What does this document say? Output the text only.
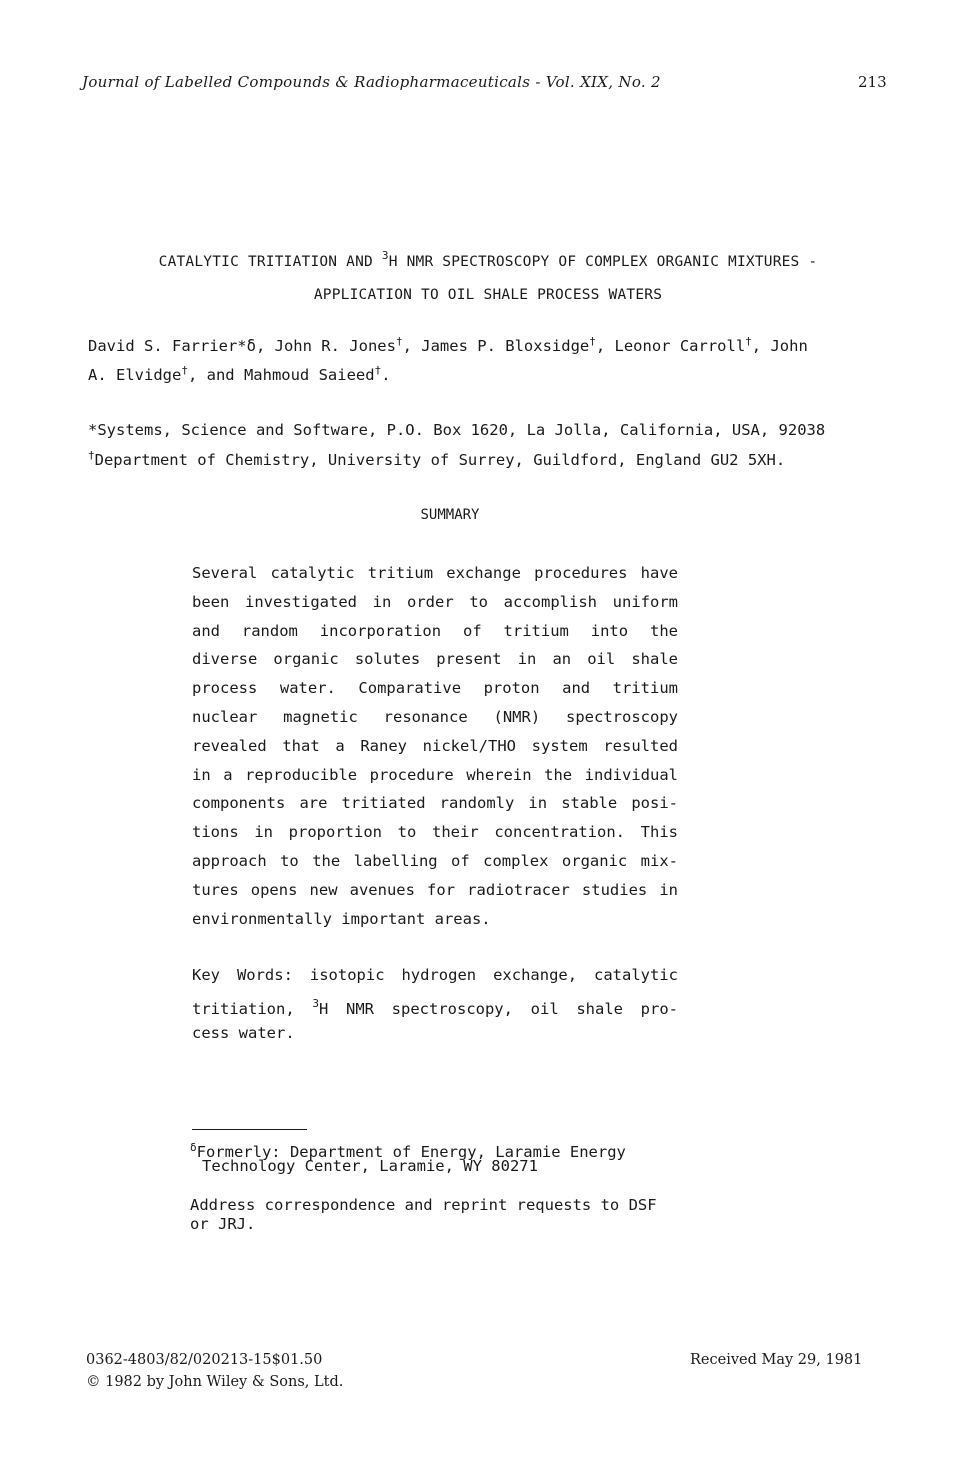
Journal of Labelled Compounds & Radiopharmaceuticals - Vol. XIX, No. 2	213
CATALYTIC TRITIATION AND $^3$H NMR SPECTROSCOPY OF COMPLEX ORGANIC MIXTURES -
APPLICATION TO OIL SHALE PROCESS WATERS
David S. Farrier*δ, John R. Jones†, James P. Bloxsidge†, Leonor Carroll†, John
A. Elvidge†, and Mahmoud Saieed†.
*Systems, Science and Software, P.O. Box 1620, La Jolla, California, USA, 92038
†Department of Chemistry, University of Surrey, Guildford, England GU2 5XH.
SUMMARY
Several catalytic tritium exchange procedures have
been investigated in order to accomplish uniform
and random incorporation of tritium into the
diverse organic solutes present in an oil shale
process water. Comparative proton and tritium
nuclear magnetic resonance (NMR) spectroscopy
revealed that a Raney nickel/THO system resulted
in a reproducible procedure wherein the individual
components are tritiated randomly in stable posi-
tions in proportion to their concentration. This
approach to the labelling of complex organic mix-
tures opens new avenues for radiotracer studies in
environmentally important areas.
Key Words: isotopic hydrogen exchange, catalytic
tritiation, $^3$H NMR spectroscopy, oil shale pro-
cess water.
$^\delta$Formerly: Department of Energy, Laramie Energy
Technology Center, Laramie, WY 80271
Address correspondence and reprint requests to DSF
or JRJ.
0362-4803/82/020213-15$01.50
© 1982 by John Wiley & Sons, Ltd.
Received May 29, 1981
